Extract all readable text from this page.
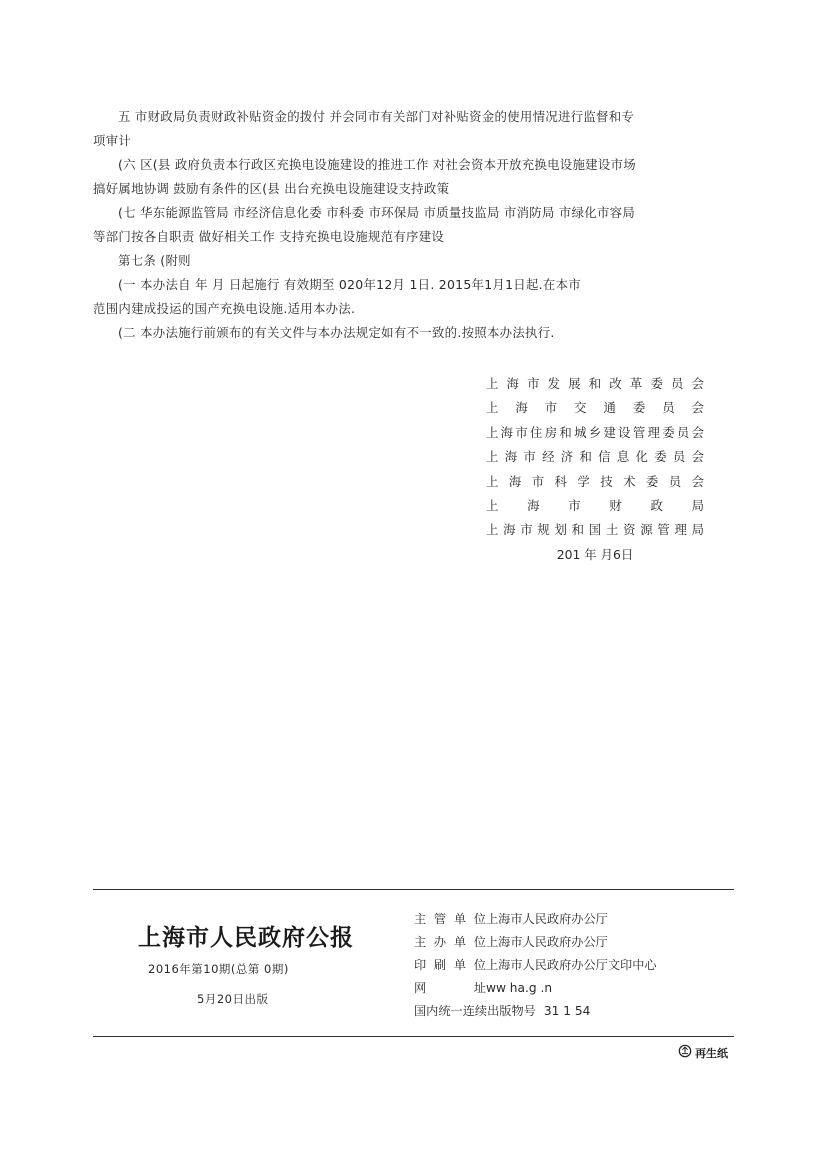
五 市财政局负责财政补贴资金的拨付 并会同市有关部门对补贴资金的使用情况进行监督和专
项审计
(六 区(县 政府负责本行政区充换电设施建设的推进工作 对社会资本开放充换电设施建设市场
搞好属地协调 鼓励有条件的区(县 出台充换电设施建设支持政策
(七 华东能源监管局 市经济信息化委 市科委 市环保局 市质量技监局 市消防局 市绿化市容局
等部门按各自职责 做好相关工作 支持充换电设施规范有序建设
第七条 (附则
(一 本办法自 年 月 日起施行 有效期至 020年12月 1日. 2015年1月1日起.在本市
范围内建成投运的国产充换电设施.适用本办法.
(二 本办法施行前颁布的有关文件与本办法规定如有不一致的.按照本办法执行.
上海市发展和改革委员会
上海市交通委员会
上海市住房和城乡建设管理委员会
上海市经济和信息化委员会
上海市科学技术委员会
上海市财政局
上海市规划和国土资源管理局
201 年 月6日
上海市人民政府公报
2016年第10期(总第 0期)
5月20日出版
主管单位上海市人民政府办公厅
主办单位上海市人民政府办公厅
印刷单位上海市人民政府办公厅文印中心
网 址ww ha.g .n
国内统一连续出版物号 31 1 54
再生纸
